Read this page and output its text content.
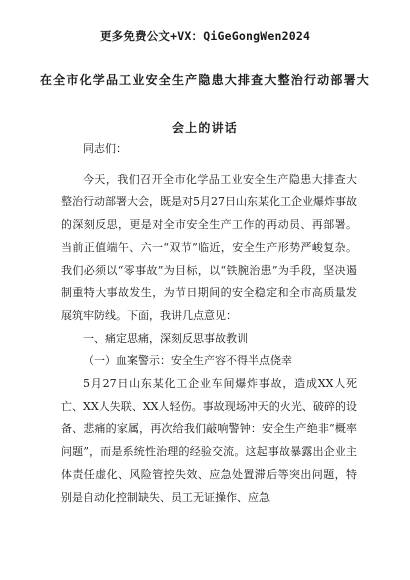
更多免费公文+VX：QiGeGongWen2024
在全市化学品工业安全生产隐患大排查大整治行动部署大
会上的讲话

同志们：

今天，我们召开全市化学品工业安全生产隐患大排查大整治行动部署大会，既是对5月27日山东某化工企业爆炸事故的深刻反思，更是对全市安全生产工作的再动员、再部署。当前正值端午、六一“双节”临近，安全生产形势严峻复杂。我们必须以“零事故”为目标，以“铁腕治患”为手段，坚决遏制重特大事故发生，为节日期间的安全稳定和全市高质量发展筑牢防线。下面，我讲几点意见：

一、痛定思痛，深刻反思事故教训

（一）血案警示：安全生产容不得半点侥幸

5月27日山东某化工企业车间爆炸事故，造成XX人死亡、XX人失联、XX人轻伤。事故现场冲天的火光、破碎的设备、悲痛的家属，再次给我们敲响警钟：安全生产绝非“概率问题”，而是系统性治理的经验交流。这起事故暴露出企业主体责任虚化、风险管控失效、应急处置滞后等突出问题，特别是自动化控制缺失、员工无证操作、应急
